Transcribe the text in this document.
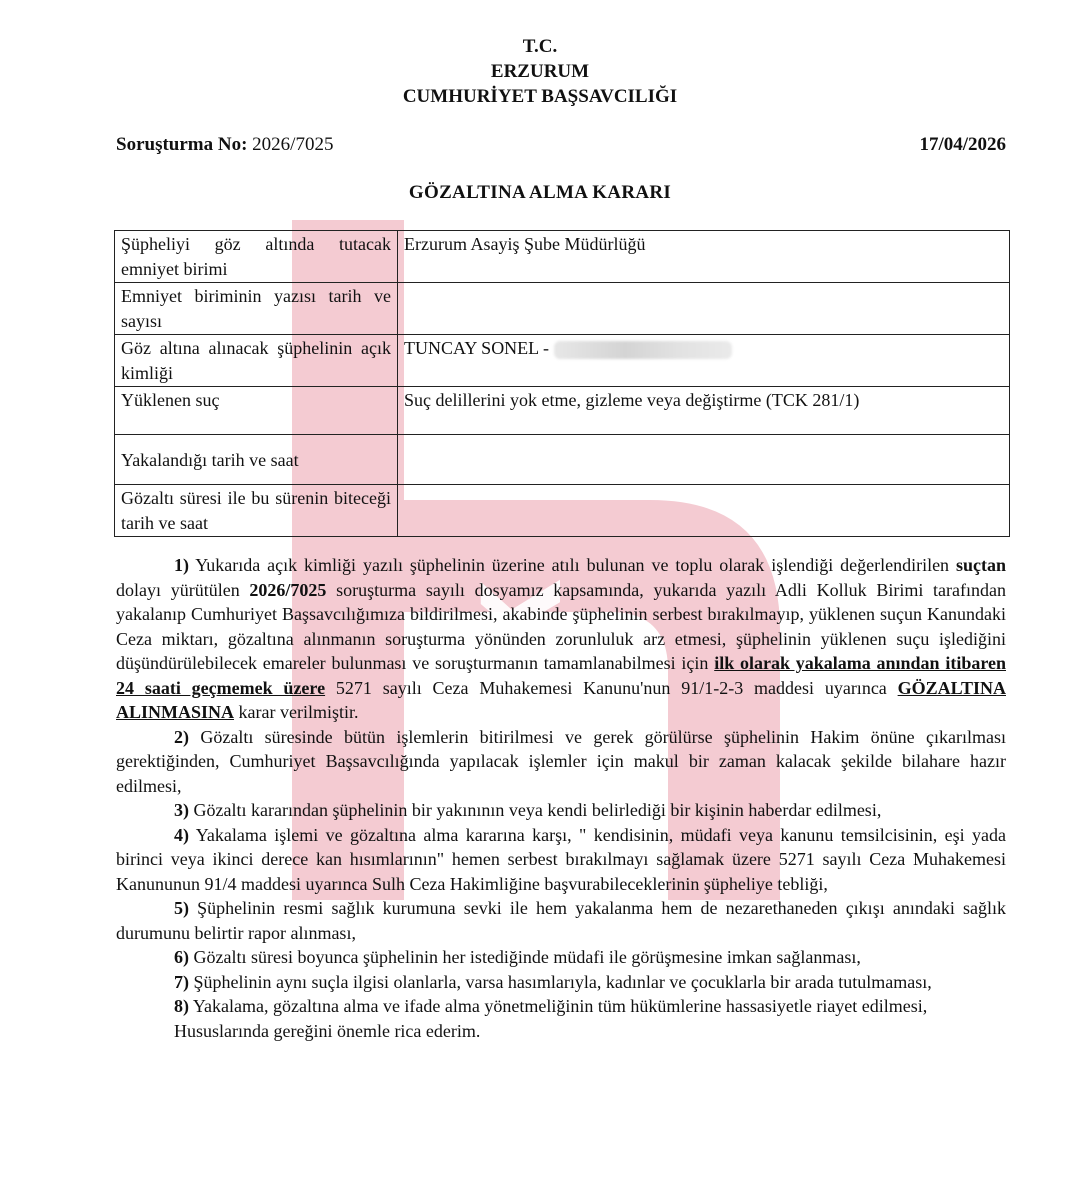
halk
T.C.
ERZURUM
CUMHURİYET BAŞSAVCILIĞI
Soruşturma No: 2026/7025	17/04/2026
GÖZALTINA ALMA KARARI
Şüpheliyi göz altında tutacak emniyet birimi	Erzurum Asayiş Şube Müdürlüğü
Emniyet biriminin yazısı tarih ve sayısı	
Göz altına alınacak şüphelinin açık kimliği	TUNCAY SONEL -
Yüklenen suç	Suç delillerini yok etme, gizleme veya değiştirme (TCK 281/1)
Yakalandığı tarih ve saat	
Gözaltı süresi ile bu sürenin biteceği tarih ve saat	

1) Yukarıda açık kimliği yazılı şüphelinin üzerine atılı bulunan ve toplu olarak işlendiği değerlendirilen suçtan dolayı yürütülen 2026/7025 soruşturma sayılı dosyamız kapsamında, yukarıda yazılı Adli Kolluk Birimi tarafından yakalanıp Cumhuriyet Başsavcılığımıza bildirilmesi, akabinde şüphelinin serbest bırakılmayıp, yüklenen suçun Kanundaki Ceza miktarı, gözaltına alınmanın soruşturma yönünden zorunluluk arz etmesi, şüphelinin yüklenen suçu işlediğini düşündürülebilecek emareler bulunması ve soruşturmanın tamamlanabilmesi için ilk olarak yakalama anından itibaren 24 saati geçmemek üzere 5271 sayılı Ceza Muhakemesi Kanunu'nun 91/1-2-3 maddesi uyarınca GÖZALTINA ALINMASINA karar verilmiştir.

2) Gözaltı süresinde bütün işlemlerin bitirilmesi ve gerek görülürse şüphelinin Hakim önüne çıkarılması gerektiğinden, Cumhuriyet Başsavcılığında yapılacak işlemler için makul bir zaman kalacak şekilde bilahare hazır edilmesi,

3) Gözaltı kararından şüphelinin bir yakınının veya kendi belirlediği bir kişinin haberdar edilmesi,

4) Yakalama işlemi ve gözaltına alma kararına karşı, " kendisinin, müdafi veya kanunu temsilcisinin, eşi yada birinci veya ikinci derece kan hısımlarının" hemen serbest bırakılmayı sağlamak üzere 5271 sayılı Ceza Muhakemesi Kanununun 91/4 maddesi uyarınca Sulh Ceza Hakimliğine başvurabileceklerinin şüpheliye tebliği,

5) Şüphelinin resmi sağlık kurumuna sevki ile hem yakalanma hem de nezarethaneden çıkışı anındaki sağlık durumunu belirtir rapor alınması,

6) Gözaltı süresi boyunca şüphelinin her istediğinde müdafi ile görüşmesine imkan sağlanması,

7) Şüphelinin aynı suçla ilgisi olanlarla, varsa hasımlarıyla, kadınlar ve çocuklarla bir arada tutulmaması,

8) Yakalama, gözaltına alma ve ifade alma yönetmeliğinin tüm hükümlerine hassasiyetle riayet edilmesi,

Hususlarında gereğini önemle rica ederim.
